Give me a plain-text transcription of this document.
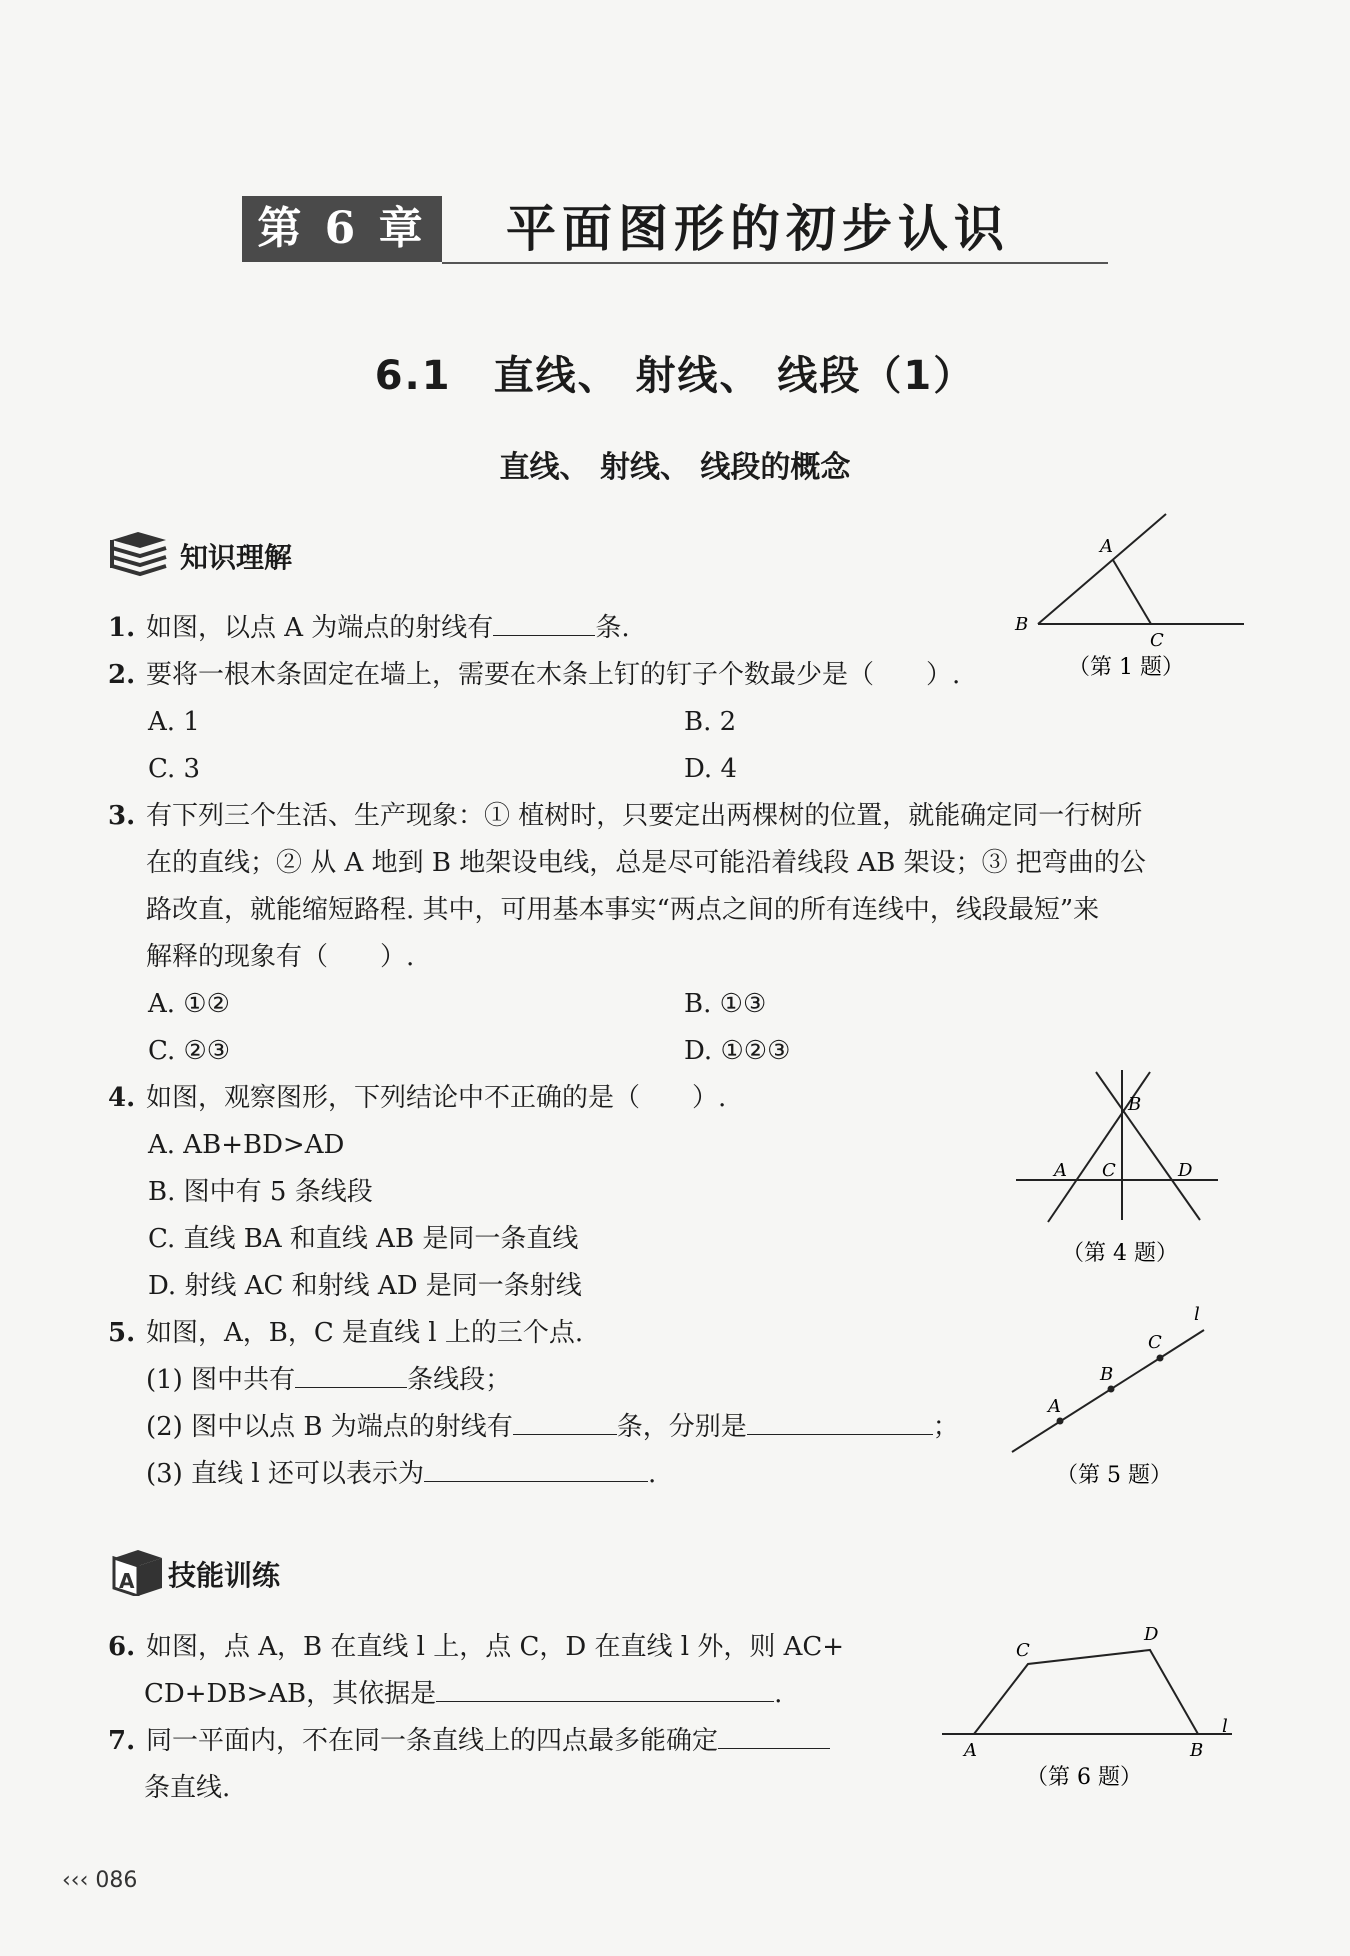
第 6 章	平面图形的初步认识
6.1　直线、 射线、 线段（1）
直线、 射线、 线段的概念
知识理解
1. 如图，以点 A 为端点的射线有	条.
2. 要将一根木条固定在墙上，需要在木条上钉的钉子个数最少是（　　）.
A. 1	B. 2
C. 3	D. 4
3. 有下列三个生活、生产现象：① 植树时，只要定出两棵树的位置，就能确定同一行树所
在的直线；② 从 A 地到 B 地架设电线，总是尽可能沿着线段 AB 架设；③ 把弯曲的公
路改直，就能缩短路程. 其中，可用基本事实“两点之间的所有连线中，线段最短”来
解释的现象有（　　）.
A. ①②	B. ①③
C. ②③	D. ①②③
4. 如图，观察图形，下列结论中不正确的是（　　）.
A. AB+BD>AD
B. 图中有 5 条线段
C. 直线 BA 和直线 AB 是同一条直线
D. 射线 AC 和射线 AD 是同一条射线
5. 如图，A，B，C 是直线 l 上的三个点.
(1) 图中共有	条线段；
(2) 图中以点 B 为端点的射线有	条，分别是	；
(3) 直线 l 还可以表示为	.
A 技能训练
6. 如图，点 A，B 在直线 l 上，点 C，D 在直线 l 外，则 AC+
CD+DB>AB，其依据是	.
7. 同一平面内，不在同一条直线上的四点最多能确定
条直线.
A
B
C
（第 1 题）
B
A C	D
（第 4 题）
A
B
C
l
（第 5 题）
A
C
D
B
l
（第 6 题）
‹‹‹ 086
